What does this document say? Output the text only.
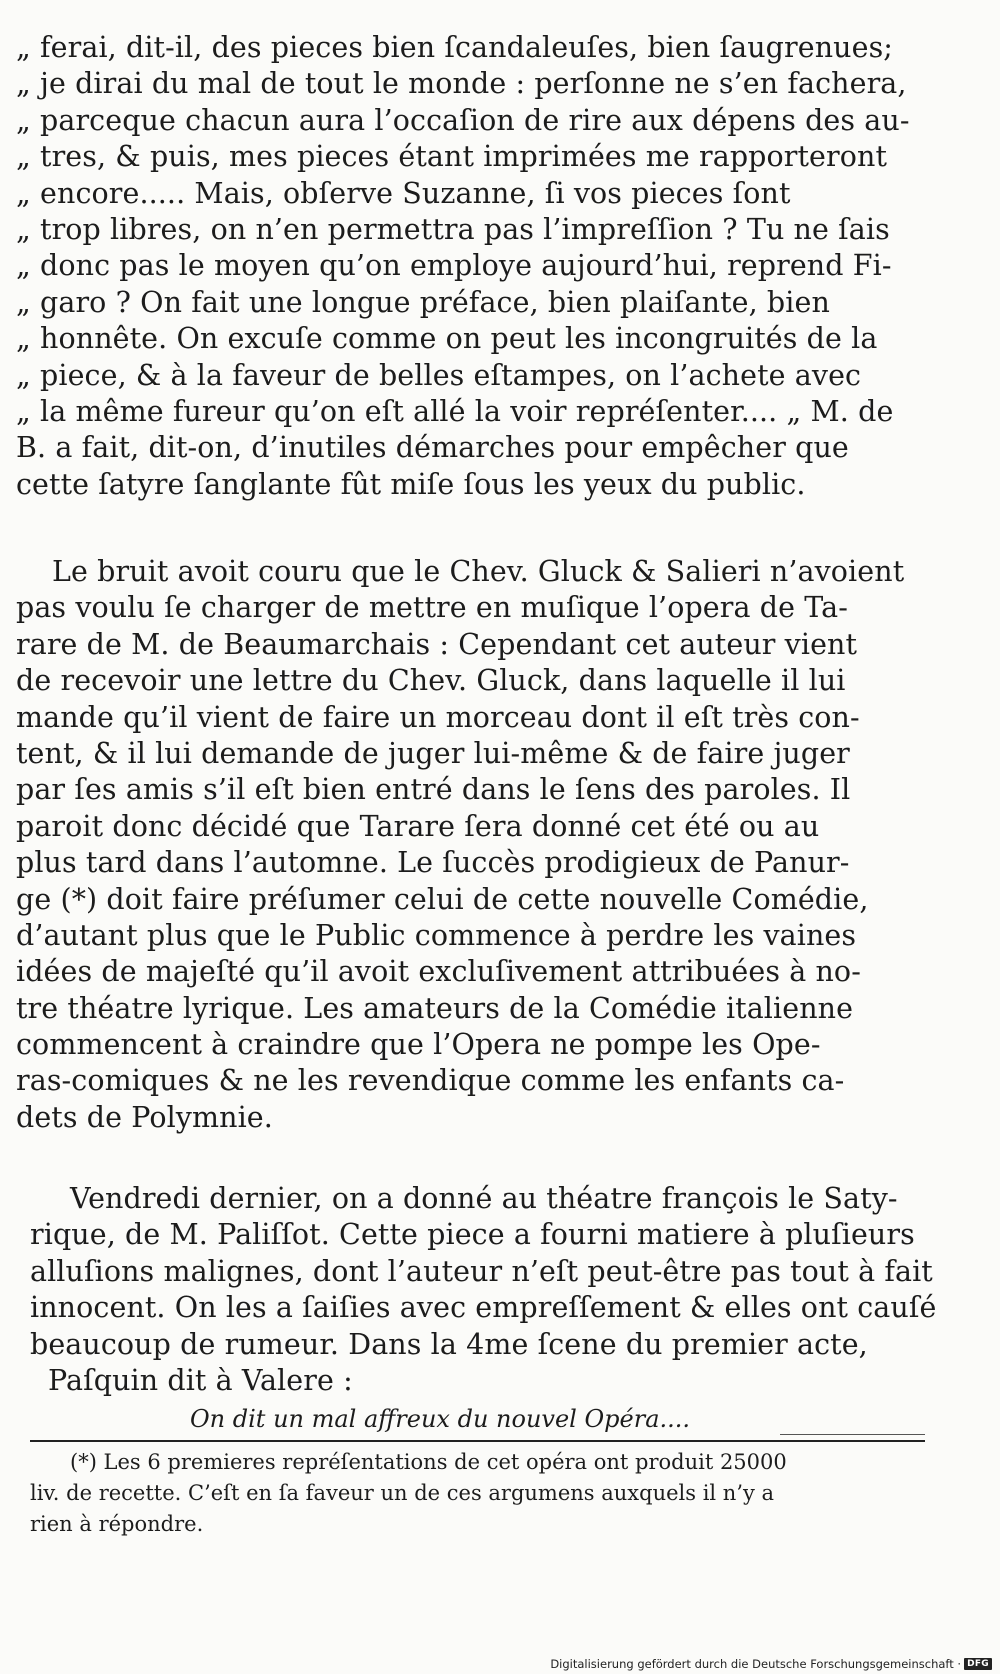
„ ferai, dit-il, des pieces bien ſcandaleuſes, bien ſaugrenues;
„ je dirai du mal de tout le monde : perſonne ne s’en fachera,
„ parceque chacun aura l’occaſion de rire aux dépens des au-
„ tres, & puis, mes pieces étant imprimées me rapporteront
„ encore..... Mais, obſerve Suzanne, ſi vos pieces ſont
„ trop libres, on n’en permettra pas l’impreſſion ? Tu ne ſais
„ donc pas le moyen qu’on employe aujourd’hui, reprend Fi-
„ garo ? On fait une longue préface, bien plaiſante, bien
„ honnête. On excuſe comme on peut les incongruités de la
„ piece, & à la faveur de belles eſtampes, on l’achete avec
„ la même fureur qu’on eſt allé la voir repréſenter.... „ M. de
B. a fait, dit-on, d’inutiles démarches pour empêcher que
cette ſatyre ſanglante fût miſe ſous les yeux du public.
Le bruit avoit couru que le Chev. Gluck & Salieri n’avoient
pas voulu ſe charger de mettre en muſique l’opera de Ta-
rare de M. de Beaumarchais : Cependant cet auteur vient
de recevoir une lettre du Chev. Gluck, dans laquelle il lui
mande qu’il vient de faire un morceau dont il eſt très con-
tent, & il lui demande de juger lui-même & de faire juger
par ſes amis s’il eſt bien entré dans le ſens des paroles. Il
paroit donc décidé que Tarare ſera donné cet été ou au
plus tard dans l’automne. Le ſuccès prodigieux de Panur-
ge (*) doit faire préſumer celui de cette nouvelle Comédie,
d’autant plus que le Public commence à perdre les vaines
idées de majeſté qu’il avoit excluſivement attribuées à no-
tre théatre lyrique. Les amateurs de la Comédie italienne
commencent à craindre que l’Opera ne pompe les Ope-
ras-comiques & ne les revendique comme les enfants ca-
dets de Polymnie.
Vendredi dernier, on a donné au théatre françois le Saty-
rique, de M. Paliſſot. Cette piece a fourni matiere à pluſieurs
alluſions malignes, dont l’auteur n’eſt peut-être pas tout à fait
innocent. On les a ſaiſies avec empreſſement & elles ont cauſé
beaucoup de rumeur. Dans la 4me ſcene du premier acte,
Paſquin dit à Valere :
On dit un mal affreux du nouvel Opéra....
(*) Les 6 premieres repréſentations de cet opéra ont produit 25000
liv. de recette. C’eſt en ſa faveur un de ces argumens auxquels il n’y a
rien à répondre.
Digitalisierung gefördert durch die Deutsche Forschungsgemeinschaft · DFG
